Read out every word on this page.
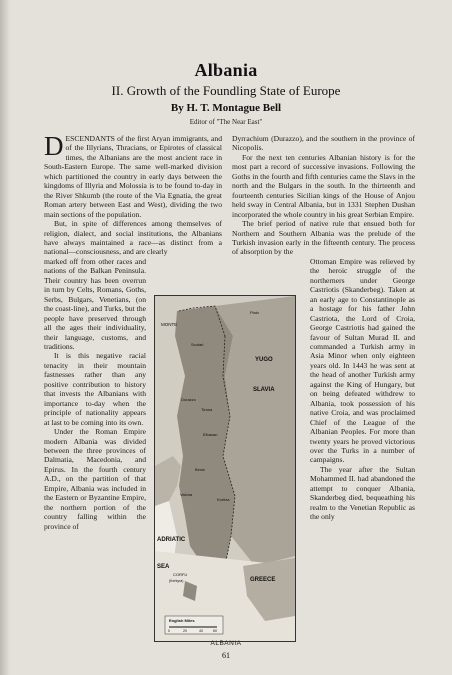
Albania
II. Growth of the Foundling State of Europe
By H. T. Montague Bell
Editor of "The Near East"

DESCENDANTS of the first Aryan immigrants, and of the Illyrians, Thracians, or Epirotes of classical times, the Albanians are the most ancient race in South-Eastern Europe. The same well-marked division which partitioned the country in early days between the kingdoms of Illyria and Molossia is to be found to-day in the River Shkumb (the route of the Via Egnatia, the great Roman artery between East and West), dividing the two main sections of the population.

But, in spite of differences among themselves of religion, dialect, and social institutions, the Albanians have always maintained a race—as distinct from a national—consciousness, and are clearly

marked off from other races and nations of the Balkan Peninsula. Their country has been overrun in turn by Celts, Romans, Goths, Serbs, Bulgars, Venetians, (on the coast-line), and Turks, but the people have preserved through all the ages their individuality, their language, customs, and traditions.

It is this negative racial tenacity in their mountain fastnesses rather than any positive contribution to history that invests the Albanians with importance to-day when the principle of nationality appears at last to be coming into its own.

Under the Roman Empire modern Albania was divided between the three provinces of Dalmatia, Macedonia, and Epirus. In the fourth century A.D., on the partition of that Empire, Albania was included in the Eastern or Byzantine Empire, the northern portion of the country falling within the province of

Dyrrachium (Durazzo), and the southern in the province of Nicopolis.

For the next ten centuries Albanian history is for the most part a record of successive invasions. Following the Goths in the fourth and fifth centuries came the Slavs in the north and the Bulgars in the south. In the thirteenth and fourteenth centuries Sicilian kings of the House of Anjou held sway in Central Albania, but in 1331 Stephen Dushan incorporated the whole country in his great Serbian Empire.

The brief period of native rule that ensued both for Northern and Southern Albania was the prelude of the Turkish invasion early in the fifteenth century. The process of absorption by the

Ottoman Empire was relieved by the heroic struggle of the northerners under George Castriotis (Skanderbeg). Taken at an early age to Constantinople as a hostage for his father John Castriota, the Lord of Croia, George Castriotis had gained the favour of Sultan Murad II. and commanded a Turkish army in Asia Minor when only eighteen years old. In 1443 he was sent at the head of another Turkish army against the King of Hungary, but on being defeated withdrew to Albania, took possession of his native Croia, and was proclaimed Chief of the League of the Albanian Peoples. For more than twenty years he proved victorious over the Turks in a number of campaigns.

The year after the Sultan Mohammed II. had abandoned the attempt to conquer Albania, Skanderbeg died, bequeathing his realm to the Venetian Republic as the only

Plain
YUGO
SLAVIA
MONTE
Scutari
Durazzo
Tirana
Elbasan
Berat
Valona
Koritza
ADRIATIC
SEA
GREECE
CORFU
(Kerkyra)
English Miles
0	20	40	60
ALBANIA
61
